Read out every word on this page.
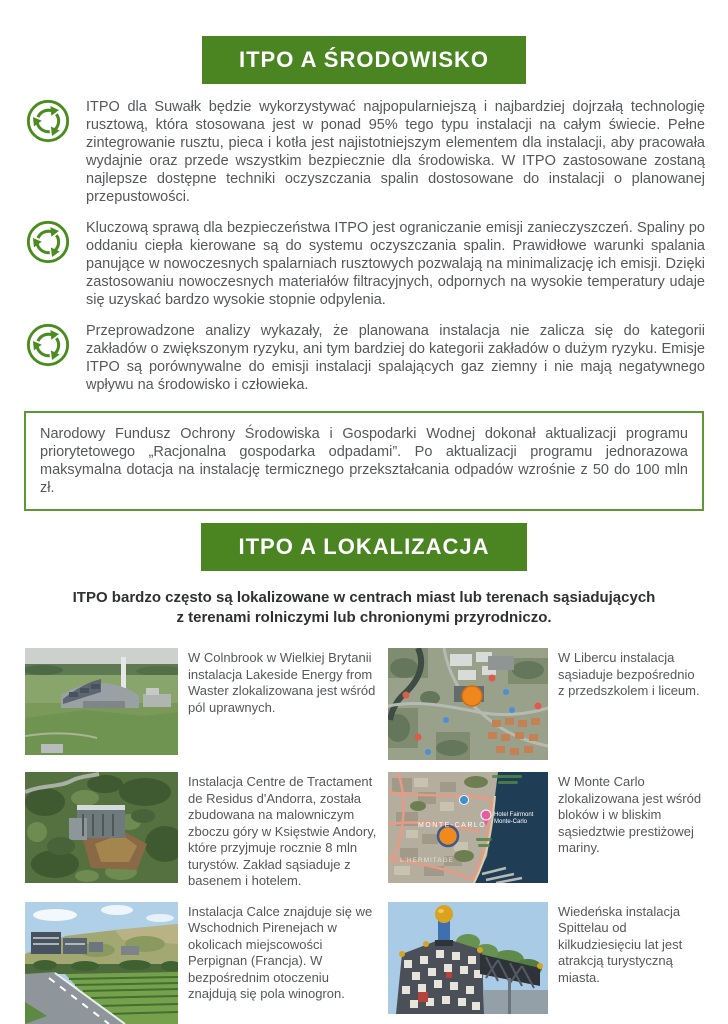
ITPO A ŚRODOWISKO

ITPO dla Suwałk będzie wykorzystywać najpopularniejszą i najbardziej dojrzałą technologię rusztową, która stosowana jest w ponad 95% tego typu instalacji na całym świecie. Pełne zintegrowanie rusztu, pieca i kotła jest najistotniejszym elementem dla instalacji, aby pracowała wydajnie oraz przede wszystkim bezpiecznie dla środowiska. W ITPO zastosowane zostaną najlepsze dostępne techniki oczyszczania spalin dostosowane do instalacji o planowanej przepustowości.

Kluczową sprawą dla bezpieczeństwa ITPO jest ograniczanie emisji zanieczyszczeń. Spaliny po oddaniu ciepła kierowane są do systemu oczyszczania spalin. Prawidłowe warunki spalania panujące w nowoczesnych spalarniach rusztowych pozwalają na minimalizację ich emisji. Dzięki zastosowaniu nowoczesnych materiałów filtracyjnych, odpornych na wysokie temperatury udaje się uzyskać bardzo wysokie stopnie odpylenia.

Przeprowadzone analizy wykazały, że planowana instalacja nie zalicza się do kategorii zakładów o zwiększonym ryzyku, ani tym bardziej do kategorii zakładów o dużym ryzyku. Emisje ITPO są porównywalne do emisji instalacji spalających gaz ziemny i nie mają negatywnego wpływu na środowisko i człowieka.

Narodowy Fundusz Ochrony Środowiska i Gospodarki Wodnej dokonał aktualizacji programu priorytetowego „Racjonalna gospodarka odpadami”. Po aktualizacji programu jednorazowa maksymalna dotacja na instalację termicznego przekształcania odpadów wzrośnie z 50 do 100 mln zł.
ITPO A LOKALIZACJA

ITPO bardzo często są lokalizowane w centrach miast lub terenach sąsiadujących z terenami rolniczymi lub chronionymi przyrodniczo.

W Colnbrook w Wielkiej Brytanii instalacja Lakeside Energy from Waster zlokalizowana jest wśród pól uprawnych.

W Libercu instalacja sąsiaduje bezpośrednio z przedszkolem i liceum.

Instalacja Centre de Tractament de Residus d'Andorra, została zbudowana na malowniczym zboczu góry w Księstwie Andory, które przyjmuje rocznie 8 mln turystów. Zakład sąsiaduje z basenem i hotelem.

Hotel Fairmont
Monte-Carlo
MONTE-CARLO
L'HERMITAGE

W Monte Carlo zlokalizowana jest wśród bloków i w bliskim sąsiedztwie prestiżowej mariny.

Instalacja Calce znajduje się we Wschodnich Pirenejach w okolicach miejscowości Perpignan (Francja). W bezpośrednim otoczeniu znajdują się pola winogron.

Wiedeńska instalacja Spittelau od kilkudziesięciu lat jest atrakcją turystyczną miasta.
